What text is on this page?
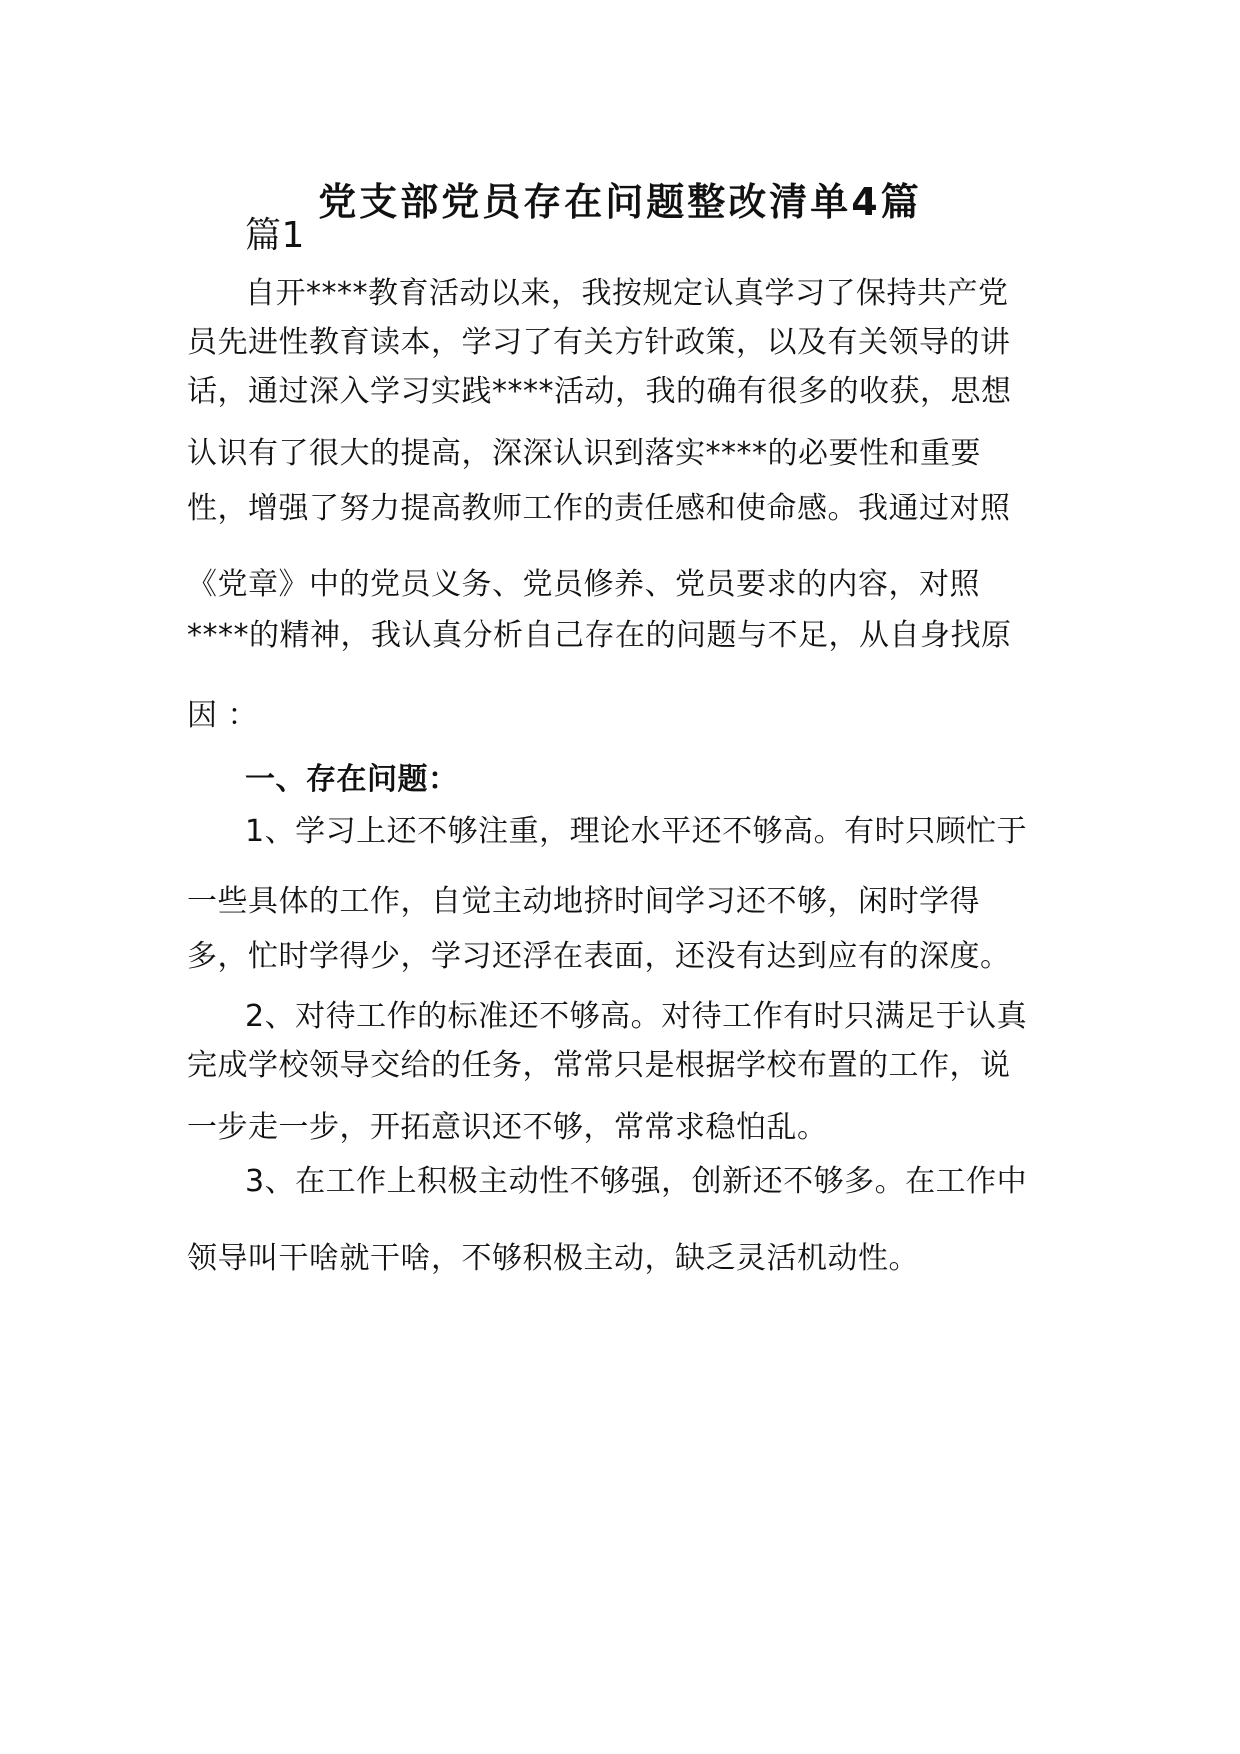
党支部党员存在问题整改清单4篇
篇1
自开****教育活动以来，我按规定认真学习了保持共产党
员先进性教育读本，学习了有关方针政策，以及有关领导的讲
话，通过深入学习实践****活动，我的确有很多的收获，思想
认识有了很大的提高，深深认识到落实****的必要性和重要
性，增强了努力提高教师工作的责任感和使命感。我通过对照
《党章》中的党员义务、党员修养、党员要求的内容，对照
****的精神，我认真分析自己存在的问题与不足，从自身找原
因 ：
一、存在问题：
1、学习上还不够注重，理论水平还不够高。有时只顾忙于
一些具体的工作，自觉主动地挤时间学习还不够，闲时学得
多，忙时学得少，学习还浮在表面，还没有达到应有的深度。
2、对待工作的标准还不够高。对待工作有时只满足于认真
完成学校领导交给的任务，常常只是根据学校布置的工作，说
一步走一步，开拓意识还不够，常常求稳怕乱。
3、在工作上积极主动性不够强，创新还不够多。在工作中
领导叫干啥就干啥，不够积极主动，缺乏灵活机动性。
